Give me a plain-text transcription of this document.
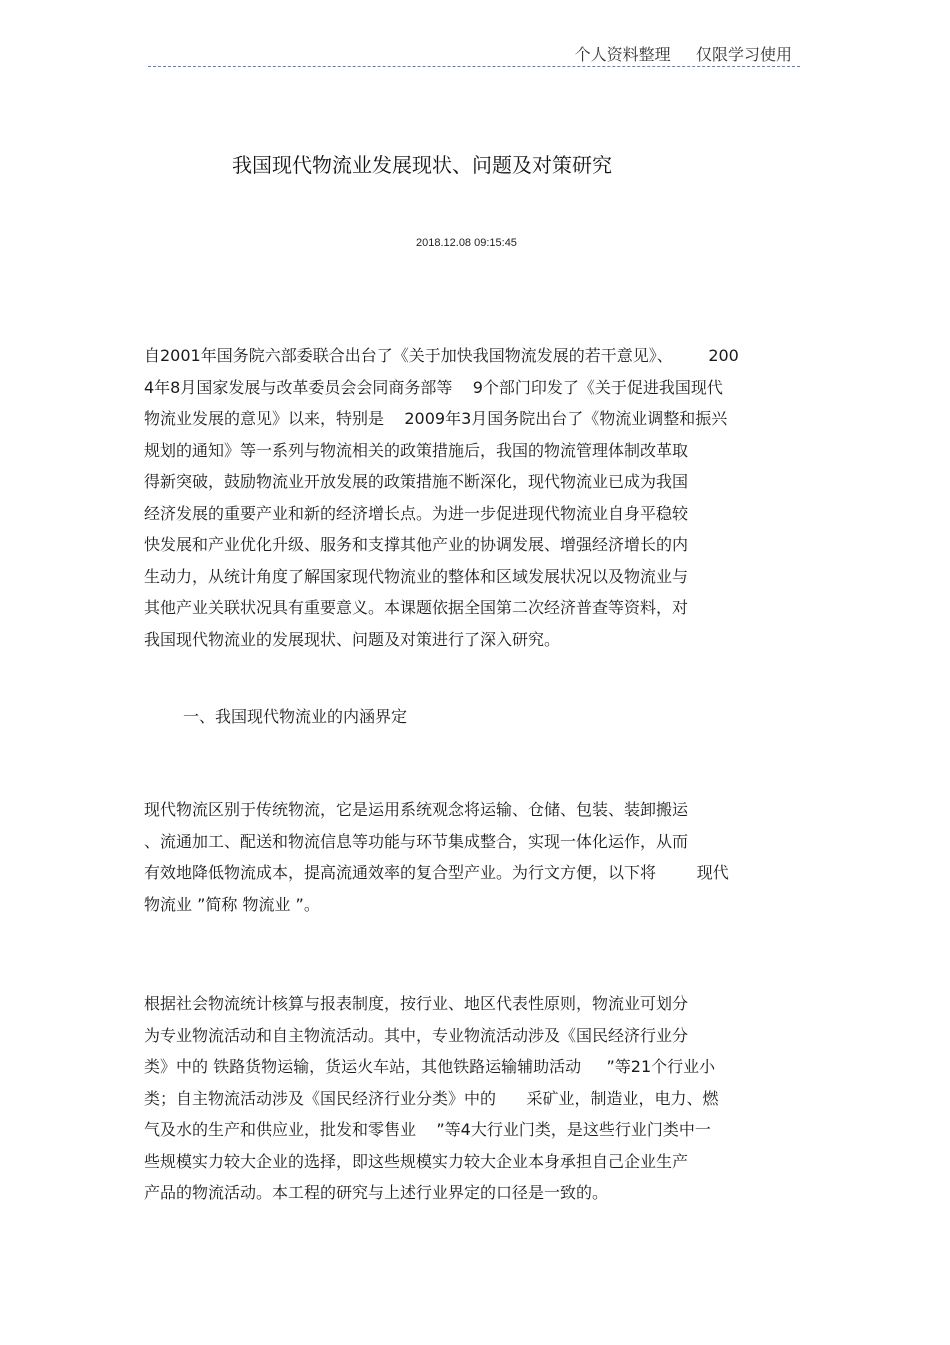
个人资料整理     仅限学习使用
我国现代物流业发展现状、问题及对策研究
2018.12.08 09:15:45
自2001年国务院六部委联合出台了《关于加快我国物流发展的若干意见》、       200
4年8月国家发展与改革委员会会同商务部等    9个部门印发了《关于促进我国现代
物流业发展的意见》以来，特别是    2009年3月国务院出台了《物流业调整和振兴
规划的通知》等一系列与物流相关的政策措施后，我国的物流管理体制改革取
得新突破，鼓励物流业开放发展的政策措施不断深化，现代物流业已成为我国
经济发展的重要产业和新的经济增长点。为进一步促进现代物流业自身平稳较
快发展和产业优化升级、服务和支撑其他产业的协调发展、增强经济增长的内
生动力，从统计角度了解国家现代物流业的整体和区域发展状况以及物流业与
其他产业关联状况具有重要意义。本课题依据全国第二次经济普查等资料，对
我国现代物流业的发展现状、问题及对策进行了深入研究。
一、我国现代物流业的内涵界定
现代物流区别于传统物流，它是运用系统观念将运输、仓储、包装、装卸搬运
、流通加工、配送和物流信息等功能与环节集成整合，实现一体化运作，从而
有效地降低物流成本，提高流通效率的复合型产业。为行文方便，以下将        现代
物流业 ”简称 物流业 ”。
根据社会物流统计核算与报表制度，按行业、地区代表性原则，物流业可划分
为专业物流活动和自主物流活动。其中，专业物流活动涉及《国民经济行业分
类》中的 铁路货物运输，货运火车站，其他铁路运输辅助活动     ”等21个行业小
类；自主物流活动涉及《国民经济行业分类》中的      采矿业，制造业，电力、燃
气及水的生产和供应业，批发和零售业    ”等4大行业门类，是这些行业门类中一
些规模实力较大企业的选择，即这些规模实力较大企业本身承担自己企业生产
产品的物流活动。本工程的研究与上述行业界定的口径是一致的。
